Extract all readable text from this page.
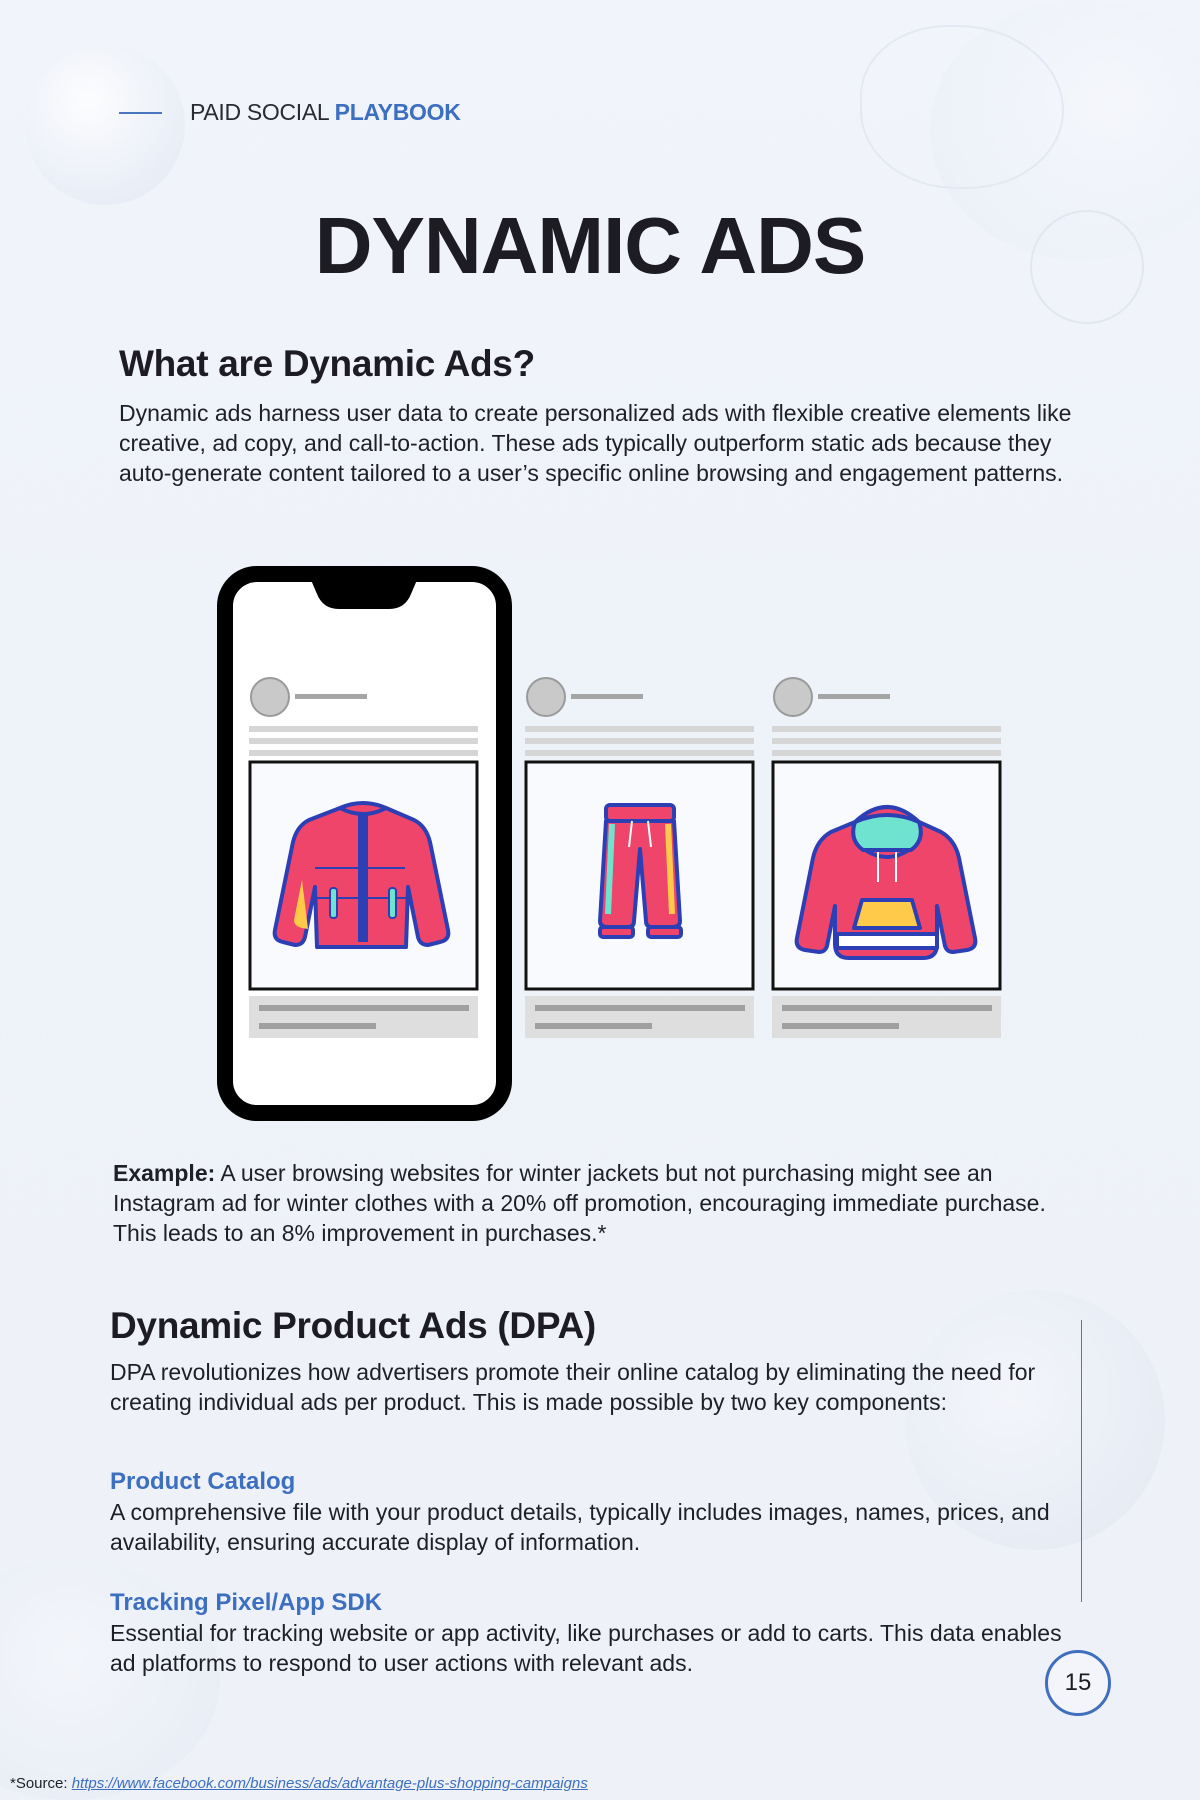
PAID SOCIAL PLAYBOOK
DYNAMIC ADS
What are Dynamic Ads?
Dynamic ads harness user data to create personalized ads with flexible creative elements like creative, ad copy, and call-to-action. These ads typically outperform static ads because they auto-generate content tailored to a user’s specific online browsing and engagement patterns.
Example: A user browsing websites for winter jackets but not purchasing might see an Instagram ad for winter clothes with a 20% off promotion, encouraging immediate purchase. This leads to an 8% improvement in purchases.*
Dynamic Product Ads (DPA)
DPA revolutionizes how advertisers promote their online catalog by eliminating the need for creating individual ads per product. This is made possible by two key components:
Product Catalog
A comprehensive file with your product details, typically includes images, names, prices, and availability, ensuring accurate display of information.
Tracking Pixel/App SDK
Essential for tracking website or app activity, like purchases or add to carts. This data enables ad platforms to respond to user actions with relevant ads.
15
*Source: https://www.facebook.com/business/ads/advantage-plus-shopping-campaigns
